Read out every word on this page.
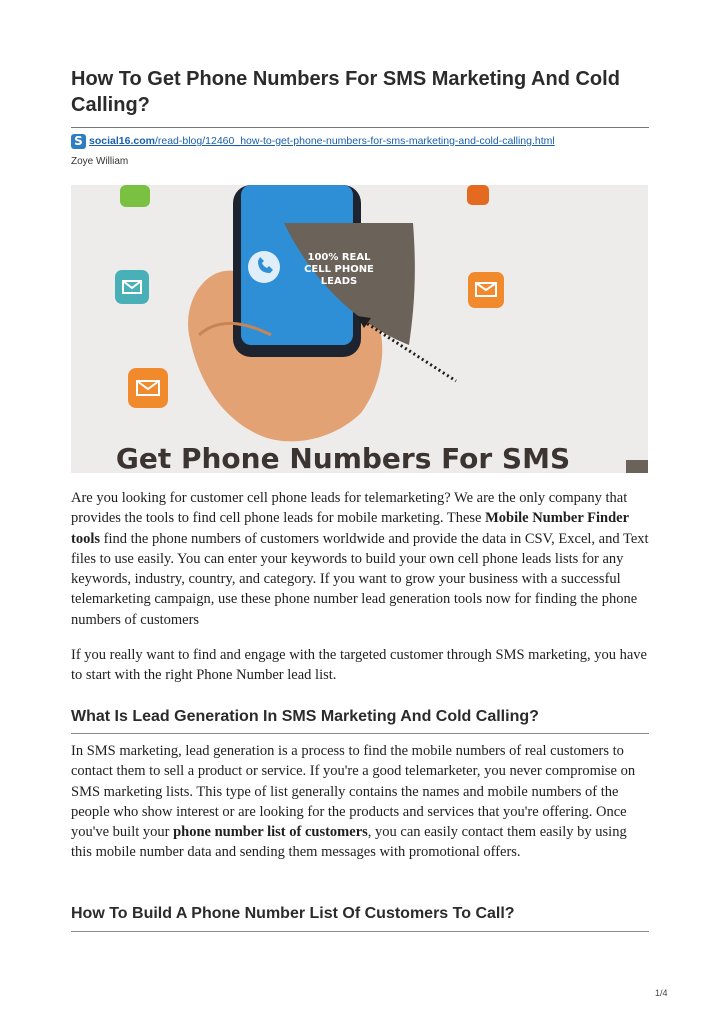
How To Get Phone Numbers For SMS Marketing And Cold Calling?
S social16.com /read-blog/12460_how-to-get-phone-numbers-for-sms-marketing-and-cold-calling.html
Zoye William
100% REAL
CELL PHONE
LEADS
Get Phone Numbers For SMS
Are you looking for customer cell phone leads for telemarketing? We are the only company that provides the tools to find cell phone leads for mobile marketing. These Mobile Number Finder tools find the phone numbers of customers worldwide and provide the data in CSV, Excel, and Text files to use easily. You can enter your keywords to build your own cell phone leads lists for any keywords, industry, country, and category. If you want to grow your business with a successful telemarketing campaign, use these phone number lead generation tools now for finding the phone numbers of customers
If you really want to find and engage with the targeted customer through SMS marketing, you have to start with the right Phone Number lead list.
What Is Lead Generation In SMS Marketing And Cold Calling?
In SMS marketing, lead generation is a process to find the mobile numbers of real customers to contact them to sell a product or service. If you're a good telemarketer, you never compromise on SMS marketing lists. This type of list generally contains the names and mobile numbers of the people who show interest or are looking for the products and services that you're offering. Once you've built your phone number list of customers, you can easily contact them easily by using this mobile number data and sending them messages with promotional offers.
How To Build A Phone Number List Of Customers To Call?
1/4
